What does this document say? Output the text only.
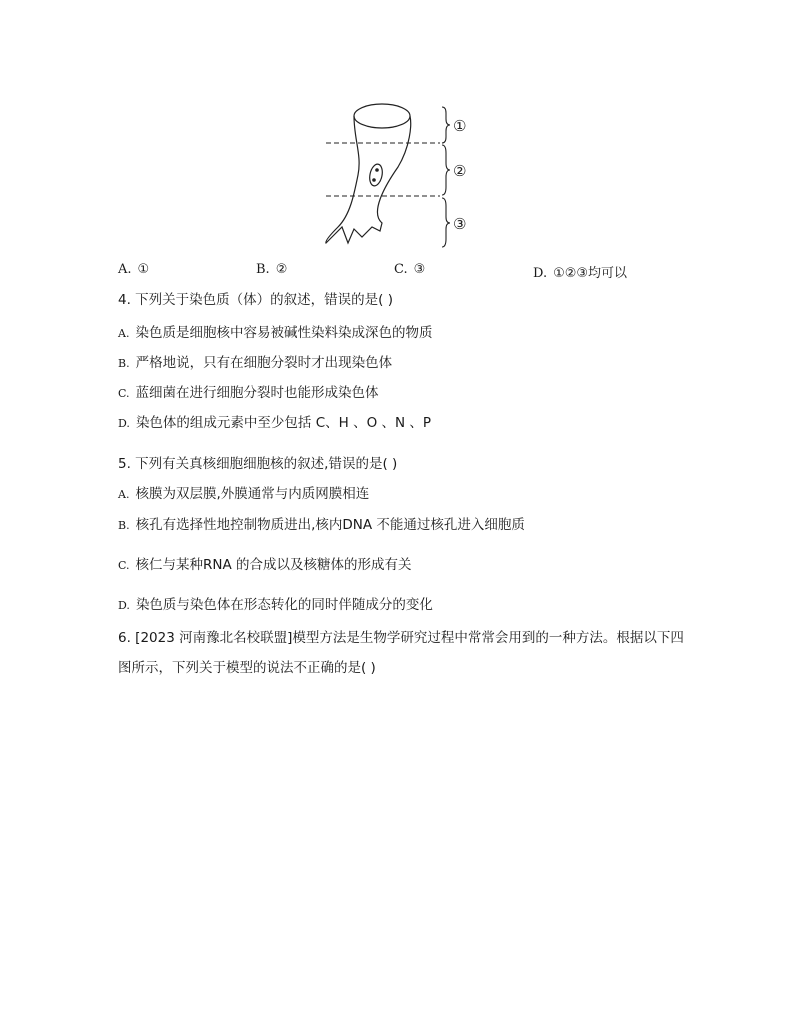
①
②
③
A. ①	B. ②	C. ③	D. ①②③均可以
4. 下列关于染色质（体）的叙述，错误的是( )
A. 染色质是细胞核中容易被碱性染料染成深色的物质
B. 严格地说，只有在细胞分裂时才出现染色体
C. 蓝细菌在进行细胞分裂时也能形成染色体
D. 染色体的组成元素中至少包括 C、H 、O 、N 、P
5. 下列有关真核细胞细胞核的叙述,错误的是( )
A. 核膜为双层膜,外膜通常与内质网膜相连
B. 核孔有选择性地控制物质进出,核内DNA 不能通过核孔进入细胞质
C. 核仁与某种RNA 的合成以及核糖体的形成有关
D. 染色质与染色体在形态转化的同时伴随成分的变化
6. [2023 河南豫北名校联盟]模型方法是生物学研究过程中常常会用到的一种方法。根据以下四
图所示，下列关于模型的说法不正确的是( )
